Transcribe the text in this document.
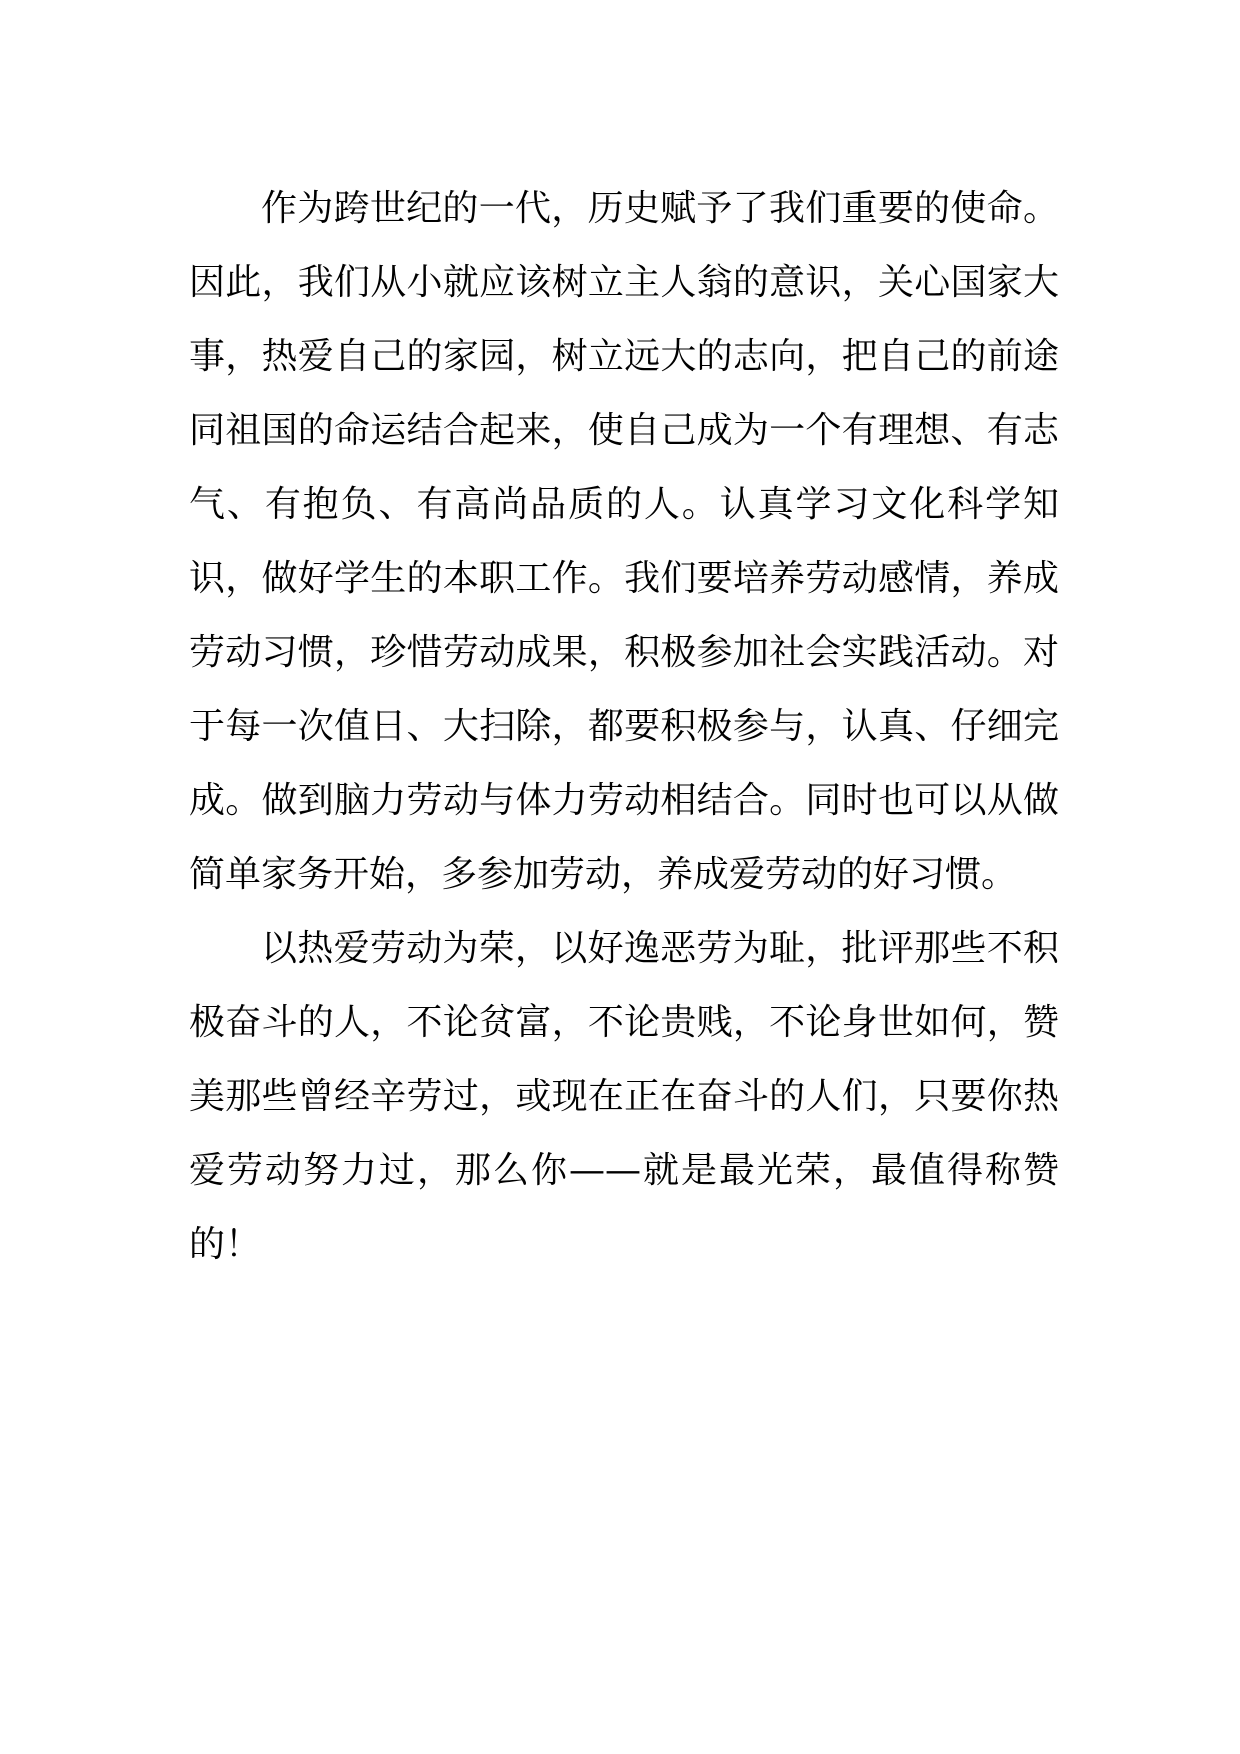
作为跨世纪的一代，历史赋予了我们重要的使命。因此，我们从小就应该树立主人翁的意识，关心国家大事，热爱自己的家园，树立远大的志向，把自己的前途同祖国的命运结合起来，使自己成为一个有理想、有志气、有抱负、有高尚品质的人。认真学习文化科学知识，做好学生的本职工作。我们要培养劳动感情，养成劳动习惯，珍惜劳动成果，积极参加社会实践活动。对于每一次值日、大扫除，都要积极参与，认真、仔细完成。做到脑力劳动与体力劳动相结合。同时也可以从做简单家务开始，多参加劳动，养成爱劳动的好习惯。

以热爱劳动为荣，以好逸恶劳为耻，批评那些不积极奋斗的人，不论贫富，不论贵贱，不论身世如何，赞美那些曾经辛劳过，或现在正在奋斗的人们，只要你热爱劳动努力过，那么你——就是最光荣，最值得称赞的！
